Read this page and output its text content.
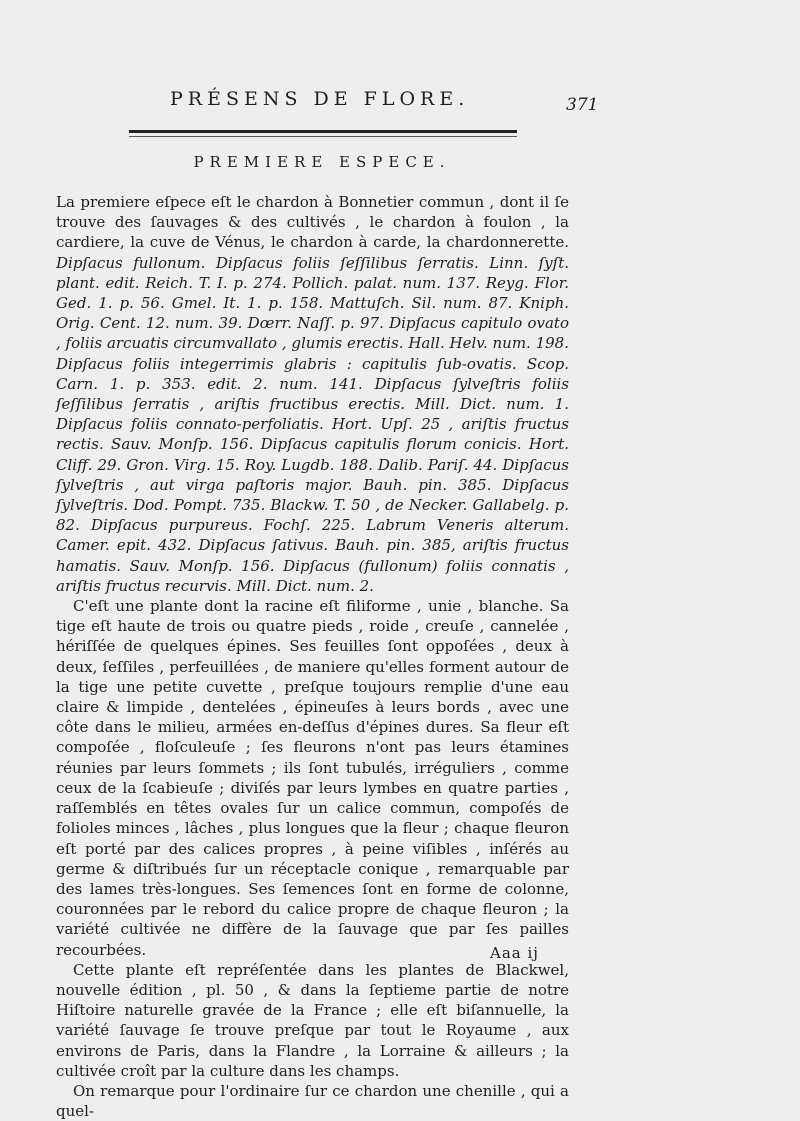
PRÉSENS DE FLORE.	371
PREMIERE ESPECE.

La premiere eſpece eſt le chardon à Bonnetier commun , dont il ſe trouve des ſauvages & des cultivés , le chardon à foulon , la cardiere, la cuve de Vénus, le chardon à carde, la chardonnerette. Dipſacus fullonum. Dipſacus foliis ſeſſilibus ſerratis. Linn. ſyſt. plant. edit. Reich. T. I. p. 274. Pollich. palat. num. 137. Reyg. Flor. Ged. 1. p. 56. Gmel. It. 1. p. 158. Mattuſch. Sil. num. 87. Kniph. Orig. Cent. 12. num. 39. Dœrr. Naſſ. p. 97. Dipſacus capitulo ovato , foliis arcuatis circumvallato , glumis erectis. Hall. Helv. num. 198. Dipſacus foliis integerrimis glabris : capitulis ſub-ovatis. Scop. Carn. 1. p. 353. edit. 2. num. 141. Dipſacus ſylveſtris foliis ſeſſilibus ſerratis , ariſtis fructibus erectis. Mill. Dict. num. 1. Dipſacus foliis connato-perfoliatis. Hort. Upſ. 25 , ariſtis fructus rectis. Sauv. Monſp. 156. Dipſacus capitulis florum conicis. Hort. Cliff. 29. Gron. Virg. 15. Roy. Lugdb. 188. Dalib. Pariſ. 44. Dipſacus ſylveſtris , aut virga paſtoris major. Bauh. pin. 385. Dipſacus ſylveſtris. Dod. Pompt. 735. Blackw. T. 50 , de Necker. Gallabelg. p. 82. Dipſacus purpureus. Fochſ. 225. Labrum Veneris alterum. Camer. epit. 432. Dipſacus ſativus. Bauh. pin. 385, ariſtis fructus hamatis. Sauv. Monſp. 156. Dipſacus (fullonum) foliis connatis , ariſtis fructus recurvis. Mill. Dict. num. 2.

C'eſt une plante dont la racine eſt filiforme , unie , blanche. Sa tige eſt haute de trois ou quatre pieds , roide , creuſe , cannelée , hériſſée de quelques épines. Ses feuilles ſont oppoſées , deux à deux, ſeſſiles , perfeuillées , de maniere qu'elles forment autour de la tige une petite cuvette , preſque toujours remplie d'une eau claire & limpide , dentelées , épineuſes à leurs bords , avec une côte dans le milieu, armées en-deſſus d'épines dures. Sa fleur eſt compoſée , floſculeuſe ; ſes fleurons n'ont pas leurs étamines réunies par leurs ſommets ; ils ſont tubulés, irréguliers , comme ceux de la ſcabieuſe ; diviſés par leurs lymbes en quatre parties , raſſemblés en têtes ovales ſur un calice commun, compoſés de folioles minces , lâches , plus longues que la fleur ; chaque fleuron eſt porté par des calices propres , à peine viſibles , inſérés au germe & diſtribués ſur un réceptacle conique , remarquable par des lames très-longues. Ses ſemences ſont en forme de colonne, couronnées par le rebord du calice propre de chaque fleuron ; la variété cultivée ne diffère de la ſauvage que par ſes pailles recourbées.

Cette plante eſt repréſentée dans les plantes de Blackwel, nouvelle édition , pl. 50 , & dans la ſeptieme partie de notre Hiſtoire naturelle gravée de la France ; elle eſt biſannuelle, la variété ſauvage ſe trouve preſque par tout le Royaume , aux environs de Paris, dans la Flandre , la Lorraine & ailleurs ; la cultivée croît par la culture dans les champs.

On remarque pour l'ordinaire ſur ce chardon une chenille , qui a quel-

Aaa ij
